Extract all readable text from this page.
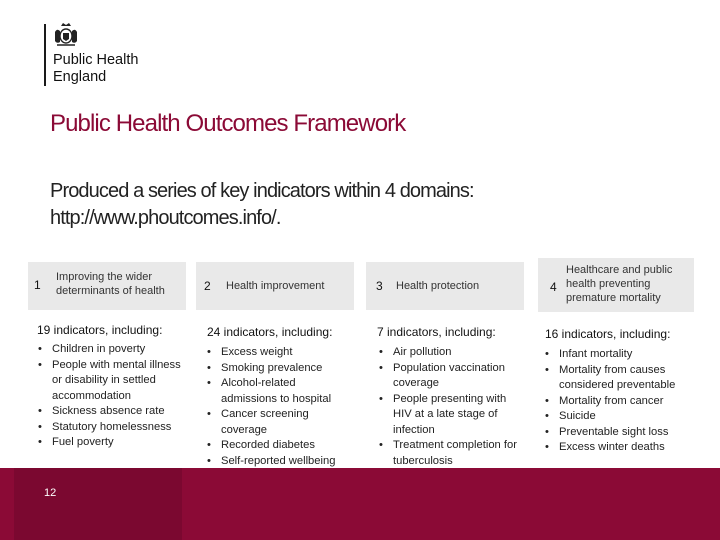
Public Health
England
Public Health Outcomes Framework
Produced a series of key indicators within 4 domains:
http://www.phoutcomes.info/.
1
Improving the wider
determinants of health
19 indicators, including:
• Children in poverty
• People with mental illness or disability in settled accommodation
• Sickness absence rate
• Statutory homelessness
• Fuel poverty
2 Health improvement
24 indicators, including:
• Excess weight
• Smoking prevalence
• Alcohol-related admissions to hospital
• Cancer screening coverage
• Recorded diabetes
• Self-reported wellbeing
3 Health protection
7 indicators, including:
• Air pollution
• Population vaccination coverage
• People presenting with HIV at a late stage of infection
• Treatment completion for tuberculosis
4
Healthcare and public
health preventing
premature mortality
16 indicators, including:
• Infant mortality
• Mortality from causes considered preventable
• Mortality from cancer
• Suicide
• Preventable sight loss
• Excess winter deaths
12
